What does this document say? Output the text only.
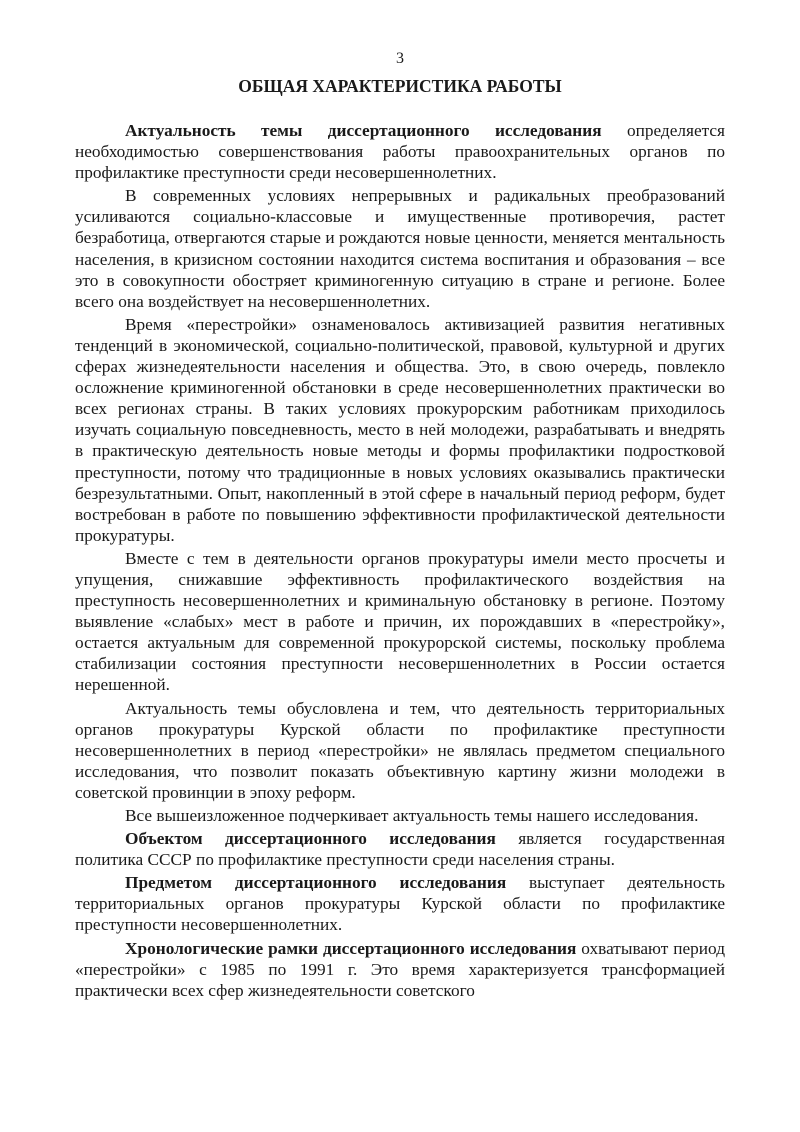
3
ОБЩАЯ ХАРАКТЕРИСТИКА РАБОТЫ

Актуальность темы диссертационного исследования определяется необходимостью совершенствования работы правоохранительных органов по профилактике преступности среди несовершеннолетних.

В современных условиях непрерывных и радикальных преобразований усиливаются социально-классовые и имущественные противоречия, растет безработица, отвергаются старые и рождаются новые ценности, меняется ментальность населения, в кризисном состоянии находится система воспитания и образования – все это в совокупности обостряет криминогенную ситуацию в стране и регионе. Более всего она воздействует на несовершеннолетних.

Время «перестройки» ознаменовалось активизацией развития негативных тенденций в экономической, социально-политической, правовой, культурной и других сферах жизнедеятельности населения и общества. Это, в свою очередь, повлекло осложнение криминогенной обстановки в среде несовершеннолетних практически во всех регионах страны. В таких условиях прокурорским работникам приходилось изучать социальную повседневность, место в ней молодежи, разрабатывать и внедрять в практическую деятельность новые методы и формы профилактики подростковой преступности, потому что традиционные в новых условиях оказывались практически безрезультатными. Опыт, накопленный в этой сфере в начальный период реформ, будет востребован в работе по повышению эффективности профилактической деятельности прокуратуры.

Вместе с тем в деятельности органов прокуратуры имели место просчеты и упущения, снижавшие эффективность профилактического воздействия на преступность несовершеннолетних и криминальную обстановку в регионе. Поэтому выявление «слабых» мест в работе и причин, их порождавших в «перестройку», остается актуальным для современной прокурорской системы, поскольку проблема стабилизации состояния преступности несовершеннолетних в России остается нерешенной.

Актуальность темы обусловлена и тем, что деятельность территориальных органов прокуратуры Курской области по профилактике преступности несовершеннолетних в период «перестройки» не являлась предметом специального исследования, что позволит показать объективную картину жизни молодежи в советской провинции в эпоху реформ.

Все вышеизложенное подчеркивает актуальность темы нашего исследования.

Объектом диссертационного исследования является государственная политика СССР по профилактике преступности среди населения страны.

Предметом диссертационного исследования выступает деятельность территориальных органов прокуратуры Курской области по профилактике преступности несовершеннолетних.

Хронологические рамки диссертационного исследования охватывают период «перестройки» с 1985 по 1991 г. Это время характеризуется трансформацией практически всех сфер жизнедеятельности советского
